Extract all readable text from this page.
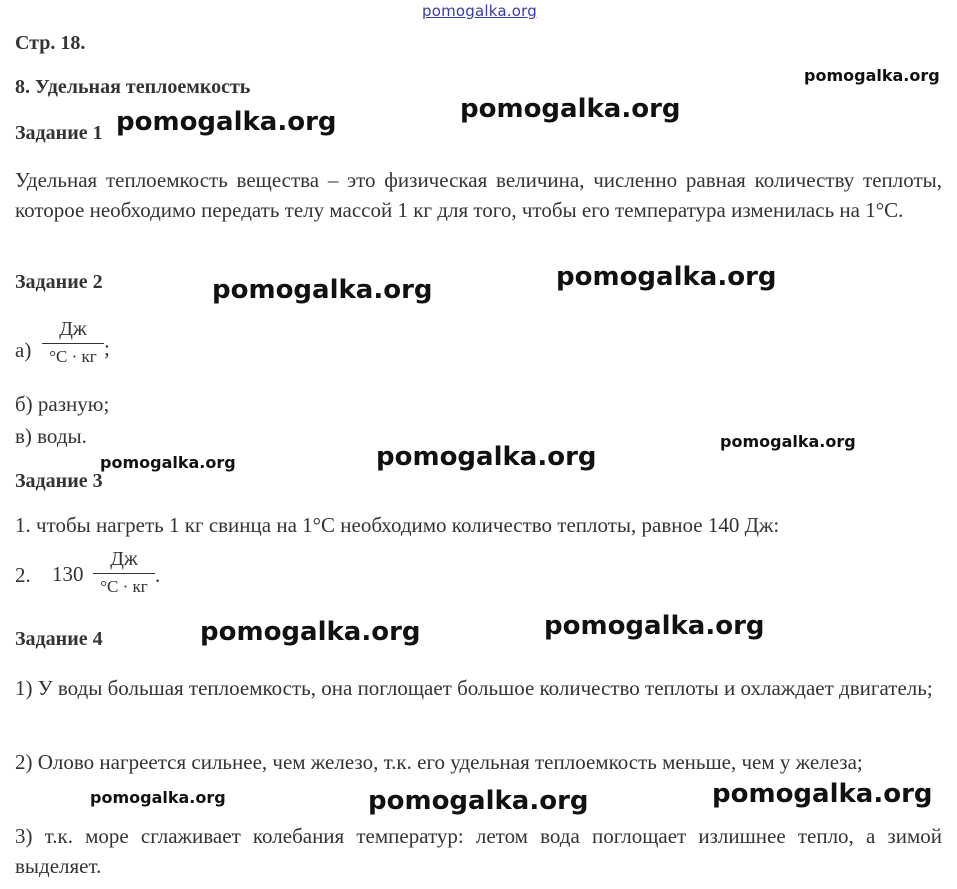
pomogalka.org
Стр. 18.
8. Удельная теплоемкость
Задание 1
Удельная теплоемкость вещества – это физическая величина, численно равная количеству теплоты, которое необходимо передать телу массой 1 кг для того, чтобы его температура изменилась на 1°С.
Задание 2
а)
Дж
°С · кг ;
б) разную;
в) воды.
Задание 3
1. чтобы нагреть 1 кг свинца на 1°С необходимо количество теплоты, равное 140 Дж:
2. 130
Дж
°С · кг .
Задание 4
1) У воды большая теплоемкость, она поглощает большое количество теплоты и охлаждает двигатель;
2) Олово нагреется сильнее, чем железо, т.к. его удельная теплоемкость меньше, чем у железа;
3) т.к. море сглаживает колебания температур: летом вода поглощает излишнее тепло, а зимой выделяет.
pomogalka.org
pomogalka.org
pomogalka.org
pomogalka.org
pomogalka.org
pomogalka.org
pomogalka.org
pomogalka.org
pomogalka.org
pomogalka.org
pomogalka.org
pomogalka.org	pomogalka.org
